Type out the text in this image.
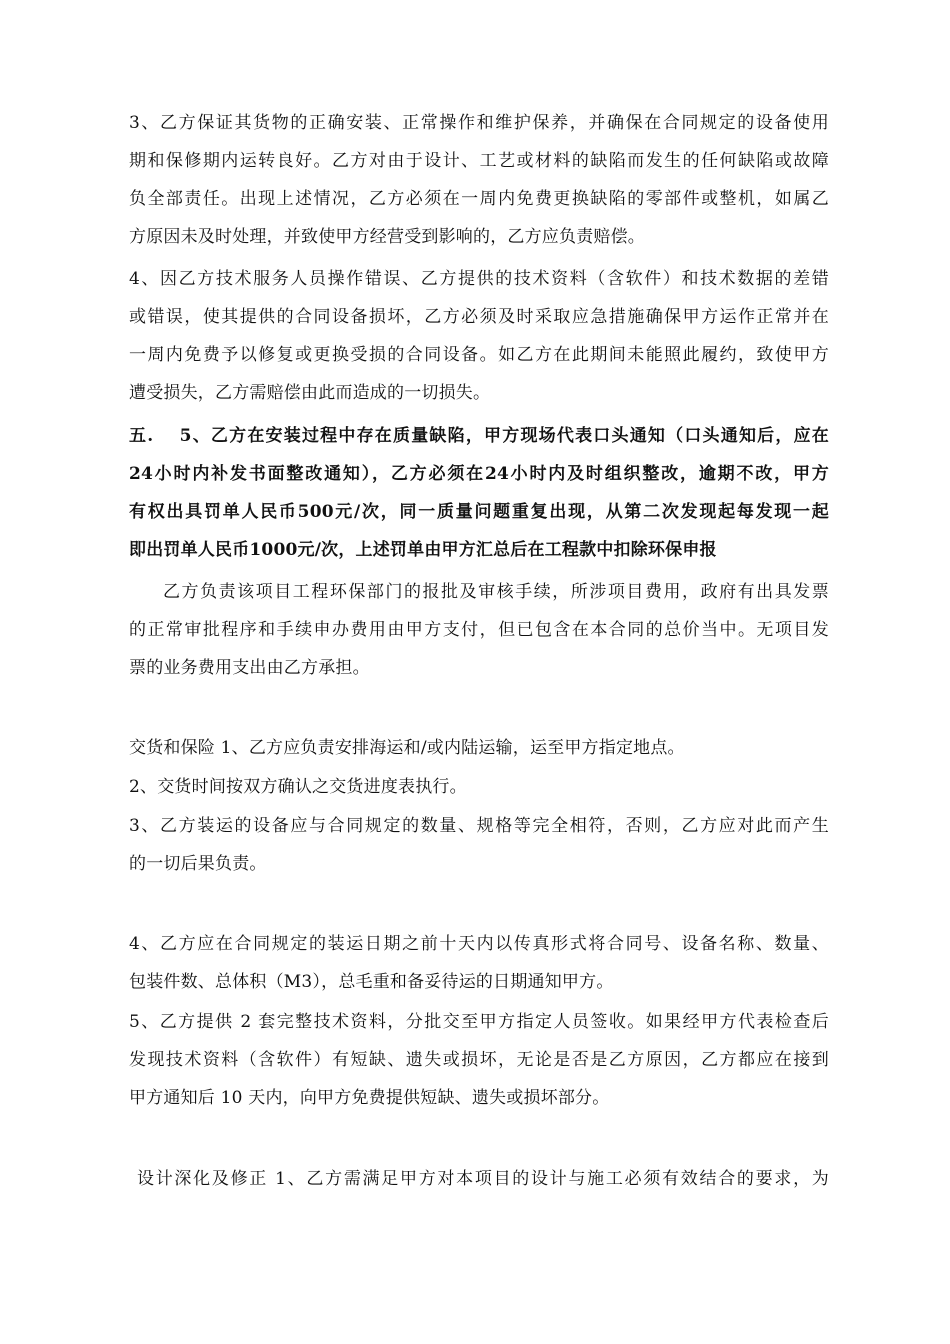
3、乙方保证其货物的正确安装、正常操作和维护保养，并确保在合同规定的设备使用
期和保修期内运转良好。乙方对由于设计、工艺或材料的缺陷而发生的任何缺陷或故障
负全部责任。出现上述情况，乙方必须在一周内免费更换缺陷的零部件或整机，如属乙
方原因未及时处理，并致使甲方经营受到影响的，乙方应负责赔偿。
4、因乙方技术服务人员操作错误、乙方提供的技术资料（含软件）和技术数据的差错
或错误，使其提供的合同设备损坏，乙方必须及时采取应急措施确保甲方运作正常并在
一周内免费予以修复或更换受损的合同设备。如乙方在此期间未能照此履约，致使甲方
遭受损失，乙方需赔偿由此而造成的一切损失。
五.　 5、乙方在安装过程中存在质量缺陷，甲方现场代表口头通知（口头通知后，应在
24小时内补发书面整改通知），乙方必须在24小时内及时组织整改，逾期不改，甲方
有权出具罚单人民币500元/次，同一质量问题重复出现，从第二次发现起每发现一起
即出罚单人民币1000元/次，上述罚单由甲方汇总后在工程款中扣除环保申报
乙方负责该项目工程环保部门的报批及审核手续，所涉项目费用，政府有出具发票
的正常审批程序和手续申办费用由甲方支付，但已包含在本合同的总价当中。无项目发
票的业务费用支出由乙方承担。
交货和保险 1、乙方应负责安排海运和/或内陆运输，运至甲方指定地点。
2、交货时间按双方确认之交货进度表执行。
3、乙方装运的设备应与合同规定的数量、规格等完全相符，否则，乙方应对此而产生
的一切后果负责。
4、乙方应在合同规定的装运日期之前十天内以传真形式将合同号、设备名称、数量、
包装件数、总体积（M3），总毛重和备妥待运的日期通知甲方。
5、乙方提供 2 套完整技术资料，分批交至甲方指定人员签收。如果经甲方代表检查后
发现技术资料（含软件）有短缺、遗失或损坏，无论是否是乙方原因，乙方都应在接到
甲方通知后 10 天内，向甲方免费提供短缺、遗失或损坏部分。
设计深化及修正 1、乙方需满足甲方对本项目的设计与施工必须有效结合的要求，为
